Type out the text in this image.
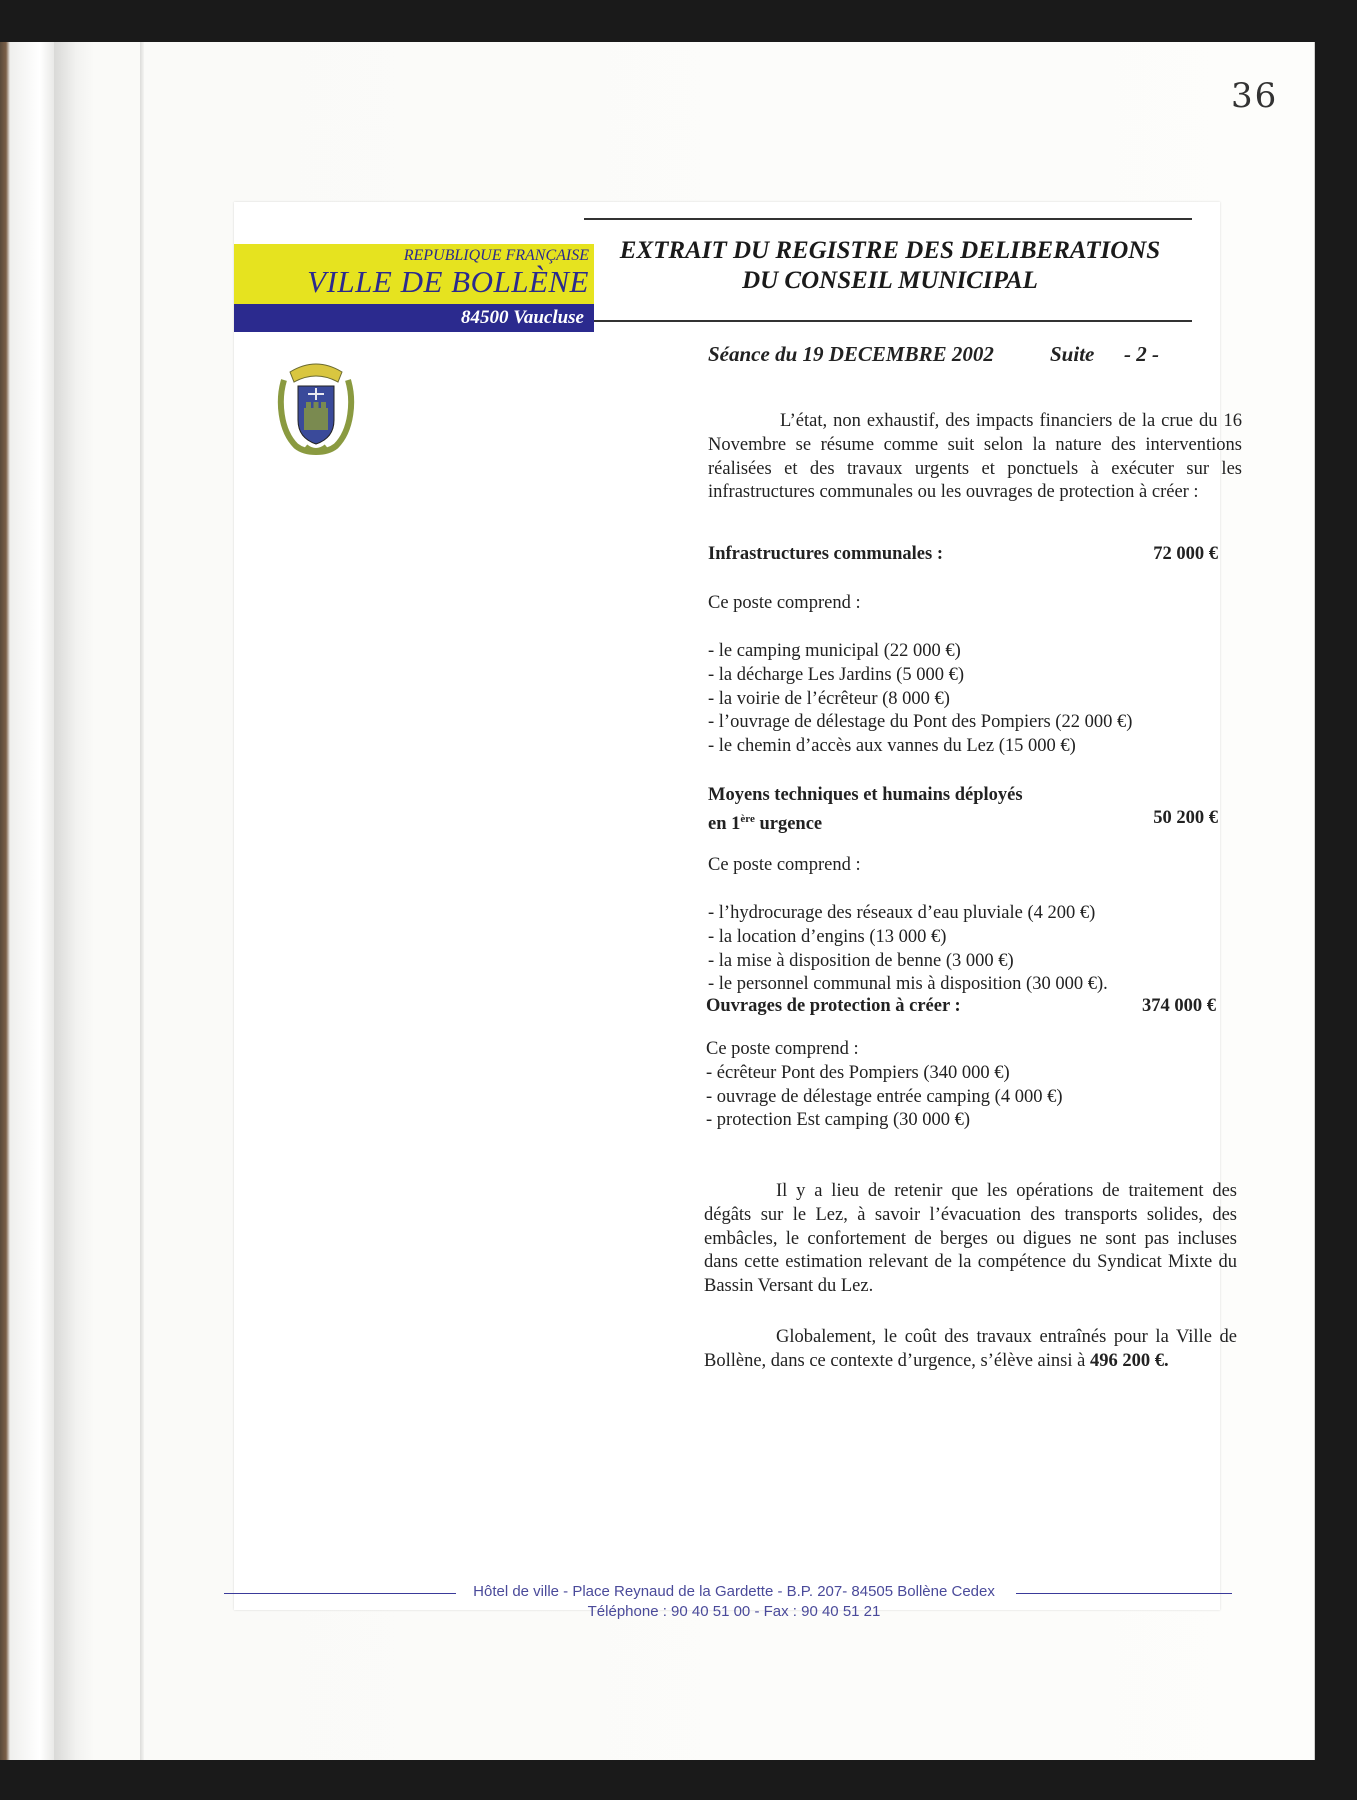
36
REPUBLIQUE FRANÇAISE
VILLE DE BOLLÈNE
84500 Vaucluse
EXTRAIT DU REGISTRE DES DELIBERATIONS
DU CONSEIL MUNICIPAL
Séance du 19 DECEMBRE 2002	Suite - 2 -

L’état, non exhaustif, des impacts financiers de la crue du 16 Novembre se résume comme suit selon la nature des interventions réalisées et des travaux urgents et ponctuels à exécuter sur les infrastructures communales ou les ouvrages de protection à créer :

Infrastructures communales :	72 000 €

Ce poste comprend :

- le camping municipal (22 000 €)

- la décharge Les Jardins (5 000 €)

- la voirie de l’écrêteur (8 000 €)

- l’ouvrage de délestage du Pont des Pompiers (22 000 €)

- le chemin d’accès aux vannes du Lez (15 000 €)

Moyens techniques et humains déployés
en 1ère urgence	50 200 €

Ce poste comprend :

- l’hydrocurage des réseaux d’eau pluviale (4 200 €)

- la location d’engins (13 000 €)

- la mise à disposition de benne (3 000 €)

- le personnel communal mis à disposition (30 000 €).

Ouvrages de protection à créer :	374 000 €

Ce poste comprend :

- écrêteur Pont des Pompiers (340 000 €)

- ouvrage de délestage entrée camping (4 000 €)

- protection Est camping (30 000 €)

Il y a lieu de retenir que les opérations de traitement des dégâts sur le Lez, à savoir l’évacuation des transports solides, des embâcles, le confortement de berges ou digues ne sont pas incluses dans cette estimation relevant de la compétence du Syndicat Mixte du Bassin Versant du Lez.

Globalement, le coût des travaux entraînés pour la Ville de Bollène, dans ce contexte d’urgence, s’élève ainsi à 496 200 €.

Hôtel de ville - Place Reynaud de la Gardette - B.P. 207- 84505 Bollène Cedex
Téléphone : 90 40 51 00 - Fax : 90 40 51 21
